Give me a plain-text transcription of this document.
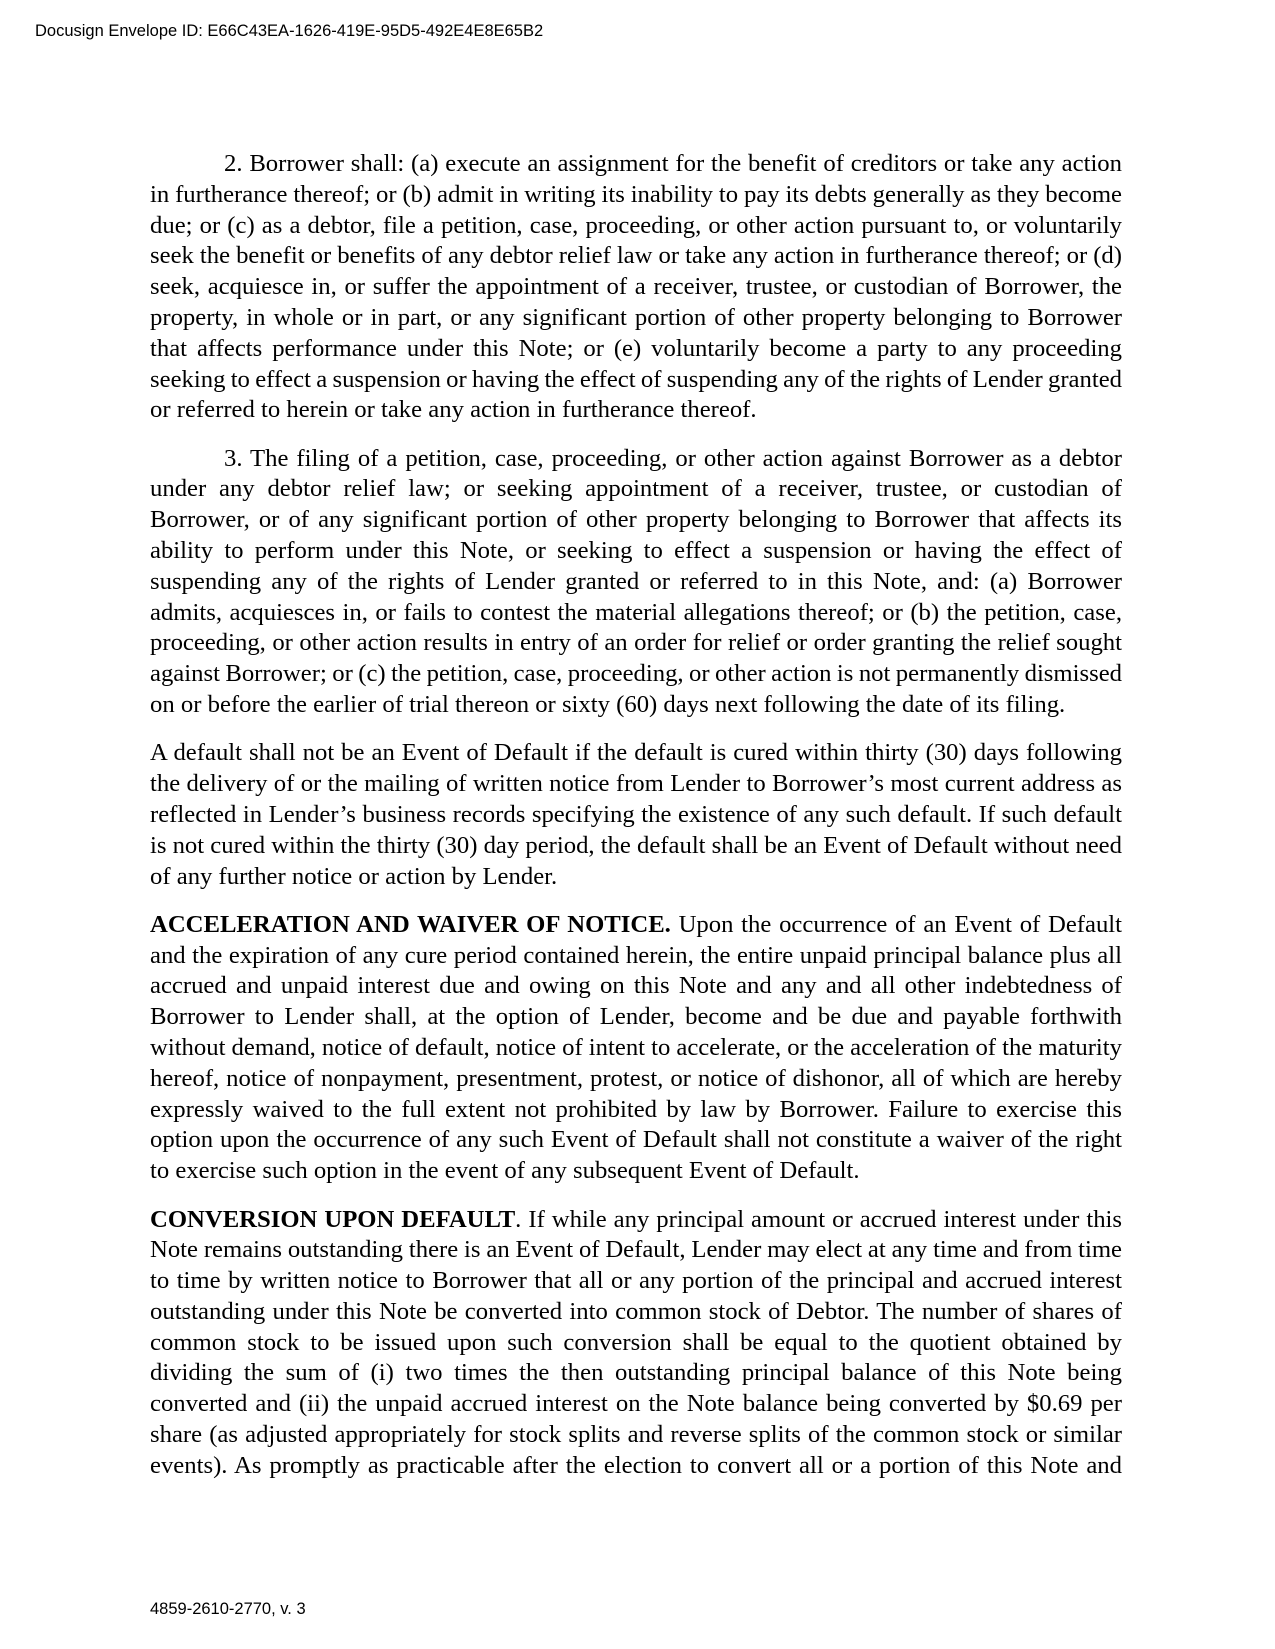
Docusign Envelope ID: E66C43EA-1626-419E-95D5-492E4E8E65B2
2. Borrower shall: (a) execute an assignment for the benefit of creditors or take any action
in furtherance thereof; or (b) admit in writing its inability to pay its debts generally as they become
due; or (c) as a debtor, file a petition, case, proceeding, or other action pursuant to, or voluntarily
seek the benefit or benefits of any debtor relief law or take any action in furtherance thereof; or (d)
seek, acquiesce in, or suffer the appointment of a receiver, trustee, or custodian of Borrower, the
property, in whole or in part, or any significant portion of other property belonging to Borrower
that affects performance under this Note; or (e) voluntarily become a party to any proceeding
seeking to effect a suspension or having the effect of suspending any of the rights of Lender granted
or referred to herein or take any action in furtherance thereof.
3. The filing of a petition, case, proceeding, or other action against Borrower as a debtor
under any debtor relief law; or seeking appointment of a receiver, trustee, or custodian of
Borrower, or of any significant portion of other property belonging to Borrower that affects its
ability to perform under this Note, or seeking to effect a suspension or having the effect of
suspending any of the rights of Lender granted or referred to in this Note, and: (a) Borrower
admits, acquiesces in, or fails to contest the material allegations thereof; or (b) the petition, case,
proceeding, or other action results in entry of an order for relief or order granting the relief sought
against Borrower; or (c) the petition, case, proceeding, or other action is not permanently dismissed
on or before the earlier of trial thereon or sixty (60) days next following the date of its filing.
A default shall not be an Event of Default if the default is cured within thirty (30) days following
the delivery of or the mailing of written notice from Lender to Borrower’s most current address as
reflected in Lender’s business records specifying the existence of any such default. If such default
is not cured within the thirty (30) day period, the default shall be an Event of Default without need
of any further notice or action by Lender.
ACCELERATION AND WAIVER OF NOTICE. Upon the occurrence of an Event of Default
and the expiration of any cure period contained herein, the entire unpaid principal balance plus all
accrued and unpaid interest due and owing on this Note and any and all other indebtedness of
Borrower to Lender shall, at the option of Lender, become and be due and payable forthwith
without demand, notice of default, notice of intent to accelerate, or the acceleration of the maturity
hereof, notice of nonpayment, presentment, protest, or notice of dishonor, all of which are hereby
expressly waived to the full extent not prohibited by law by Borrower. Failure to exercise this
option upon the occurrence of any such Event of Default shall not constitute a waiver of the right
to exercise such option in the event of any subsequent Event of Default.
CONVERSION UPON DEFAULT. If while any principal amount or accrued interest under this
Note remains outstanding there is an Event of Default, Lender may elect at any time and from time
to time by written notice to Borrower that all or any portion of the principal and accrued interest
outstanding under this Note be converted into common stock of Debtor. The number of shares of
common stock to be issued upon such conversion shall be equal to the quotient obtained by
dividing the sum of (i) two times the then outstanding principal balance of this Note being
converted and (ii) the unpaid accrued interest on the Note balance being converted by $0.69 per
share (as adjusted appropriately for stock splits and reverse splits of the common stock or similar
events). As promptly as practicable after the election to convert all or a portion of this Note and
4859-2610-2770, v. 3
